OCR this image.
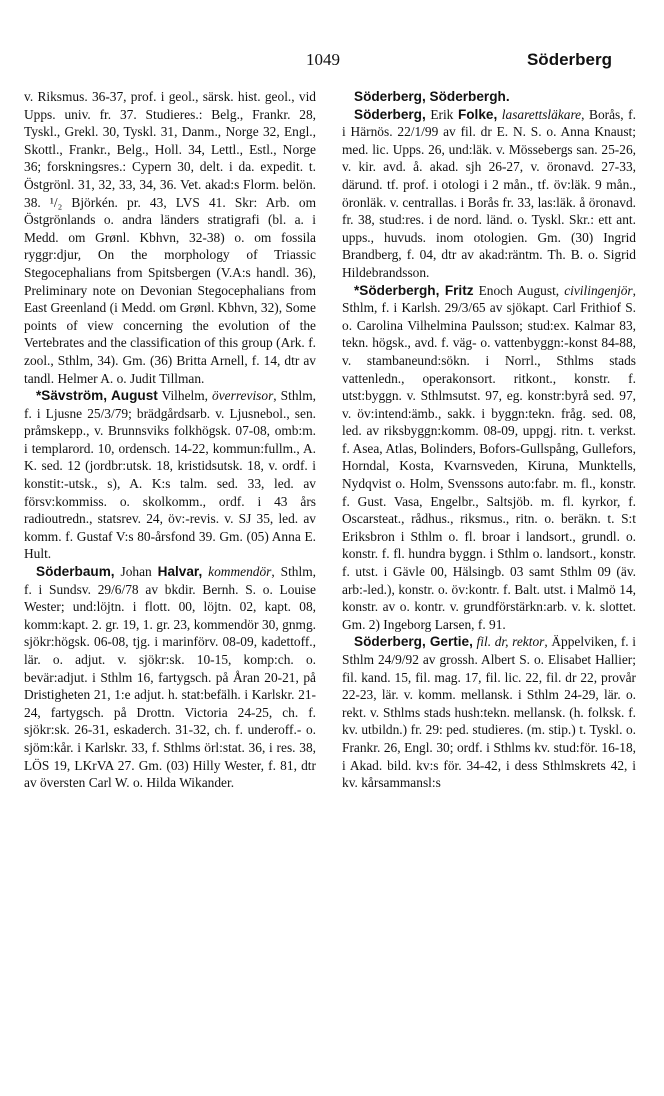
1049	Söderberg

v. Riksmus. 36-37, prof. i geol., särsk. hist. geol., vid Upps. univ. fr. 37. Studieres.: Belg., Frankr. 28, Tyskl., Grekl. 30, Tyskl. 31, Danm., Norge 32, Engl., Skottl., Frankr., Belg., Holl. 34, Lettl., Estl., Norge 36; forskningsres.: Cypern 30, delt. i da. expedit. t. Östgrönl. 31, 32, 33, 34, 36. Vet. akad:s Florm. belön. 38. ¹/₂ Björkén. pr. 43, LVS 41. Skr: Arb. om Östgrönlands o. andra länders stratigrafi (bl. a. i Medd. om Grønl. Kbhvn, 32-38) o. om fossila ryggr:djur, On the morphology of Triassic Stegocephalians from Spitsbergen (V.A:s handl. 36), Preliminary note on Devonian Stegocephalians from East Greenland (i Medd. om Grønl. Kbhvn, 32), Some points of view concerning the evolution of the Vertebrates and the classification of this group (Ark. f. zool., Sthlm, 34). Gm. (36) Britta Arnell, f. 14, dtr av tandl. Helmer A. o. Judit Tillman.

*Sävström, August Vilhelm, överrevisor, Sthlm, f. i Ljusne 25/3/79; brädgårdsarb. v. Ljusnebol., sen. pråmskepp., v. Brunnsviks folkhögsk. 07-08, omb:m. i templarord. 10, ordensch. 14-22, kommun:fullm., A. K. sed. 12 (jordbr:utsk. 18, kristidsutsk. 18, v. ordf. i konstit:-utsk., s), A. K:s talm. sed. 33, led. av försv:kommiss. o. skolkomm., ordf. i 43 års radioutredn., statsrev. 24, öv:-revis. v. SJ 35, led. av komm. f. Gustaf V:s 80-årsfond 39. Gm. (05) Anna E. Hult.

Söderbaum, Johan Halvar, kommendör, Sthlm, f. i Sundsv. 29/6/78 av bkdir. Bernh. S. o. Louise Wester; und:löjtn. i flott. 00, löjtn. 02, kapt. 08, komm:kapt. 2. gr. 19, 1. gr. 23, kommendör 30, gnmg. sjökr:högsk. 06-08, tjg. i marinförv. 08-09, kadettoff., lär. o. adjut. v. sjökr:sk. 10-15, komp:ch. o. bevär:adjut. i Sthlm 16, fartygsch. på Åran 20-21, på Dristigheten 21, 1:e adjut. h. stat:befälh. i Karlskr. 21-24, fartygsch. på Drottn. Victoria 24-25, ch. f. sjökr:sk. 26-31, eskaderch. 31-32, ch. f. underoff.- o. sjöm:kår. i Karlskr. 33, f. Sthlms örl:stat. 36, i res. 38, LÖS 19, LKrVA 27. Gm. (03) Hilly Wester, f. 81, dtr av översten Carl W. o. Hilda Wikander.

Söderberg, Söderbergh.

Söderberg, Erik Folke, lasarettsläkare, Borås, f. i Härnös. 22/1/99 av fil. dr E. N. S. o. Anna Knaust; med. lic. Upps. 26, und:läk. v. Mössebergs san. 25-26, v. kir. avd. å. akad. sjh 26-27, v. öronavd. 27-33, därund. tf. prof. i otologi i 2 mån., tf. öv:läk. 9 mån., öronläk. v. centrallas. i Borås fr. 33, las:läk. å öronavd. fr. 38, stud:res. i de nord. länd. o. Tyskl. Skr.: ett ant. upps., huvuds. inom otologien. Gm. (30) Ingrid Brandberg, f. 04, dtr av akad:räntm. Th. B. o. Sigrid Hildebrandsson.

*Söderbergh, Fritz Enoch August, civilingenjör, Sthlm, f. i Karlsh. 29/3/65 av sjökapt. Carl Frithiof S. o. Carolina Vilhelmina Paulsson; stud:ex. Kalmar 83, tekn. högsk., avd. f. väg- o. vattenbyggn:-konst 84-88, v. stambaneund:sökn. i Norrl., Sthlms stads vattenledn., operakonsort. ritkont., konstr. f. utst:byggn. v. Sthlmsutst. 97, eg. konstr:byrå sed. 97, v. öv:intend:ämb., sakk. i byggn:tekn. fråg. sed. 08, led. av riksbyggn:komm. 08-09, uppgj. ritn. t. verkst. f. Asea, Atlas, Bolinders, Bofors-Gullspång, Gullefors, Horndal, Kosta, Kvarnsveden, Kiruna, Munktells, Nydqvist o. Holm, Svenssons auto:fabr. m. fl., konstr. f. Gust. Vasa, Engelbr., Saltsjöb. m. fl. kyrkor, f. Oscarsteat., rådhus., riksmus., ritn. o. beräkn. t. S:t Eriksbron i Sthlm o. fl. broar i landsort., grundl. o. konstr. f. fl. hundra byggn. i Sthlm o. landsort., konstr. f. utst. i Gävle 00, Hälsingb. 03 samt Sthlm 09 (äv. arb:-led.), konstr. o. öv:kontr. f. Balt. utst. i Malmö 14, konstr. av o. kontr. v. grundförstärkn:arb. v. k. slottet. Gm. 2) Ingeborg Larsen, f. 91.

Söderberg, Gertie, fil. dr, rektor, Äppelviken, f. i Sthlm 24/9/92 av grossh. Albert S. o. Elisabet Hallier; fil. kand. 15, fil. mag. 17, fil. lic. 22, fil. dr 22, provår 22-23, lär. v. komm. mellansk. i Sthlm 24-29, lär. o. rekt. v. Sthlms stads hush:tekn. mellansk. (h. folksk. f. kv. utbildn.) fr. 29: ped. studieres. (m. stip.) t. Tyskl. o. Frankr. 26, Engl. 30; ordf. i Sthlms kv. stud:för. 16-18, i Akad. bild. kv:s för. 34-42, i dess Sthlmskrets 42, i kv. kårsammansl:s
